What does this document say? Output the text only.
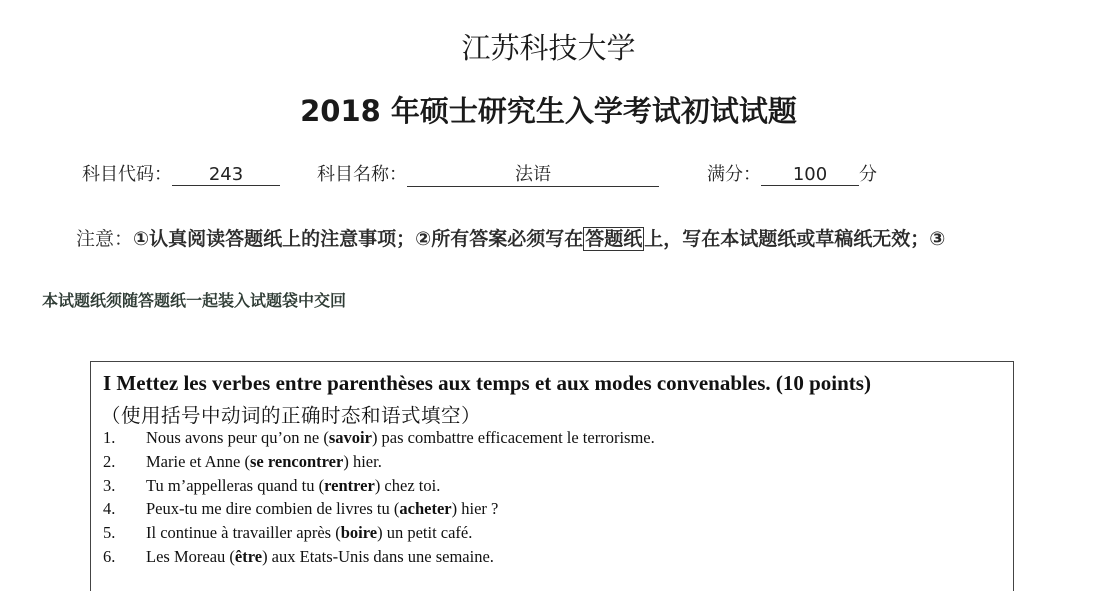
江苏科技大学
2018 年硕士研究生入学考试初试试题
科目代码： 243	科目名称：	法语	满分： 100 分
注意：①认真阅读答题纸上的注意事项；②所有答案必须写在 答题纸 上，写在本试题纸或草稿纸无效；③
本试题纸须随答题纸一起装入试题袋中交回
I Mettez les verbes entre parenthèses aux temps et aux modes convenables. (10 points)
（使用括号中动词的正确时态和语式填空）
1.	Nous avons peur qu’on ne (savoir) pas combattre efficacement le terrorisme.
2.	Marie et Anne (se rencontrer) hier.
3.	Tu m’appelleras quand tu (rentrer) chez toi.
4.	Peux-tu me dire combien de livres tu (acheter) hier ?
5.	Il continue à travailler après (boire) un petit café.
6.	Les Moreau (être) aux Etats-Unis dans une semaine.
